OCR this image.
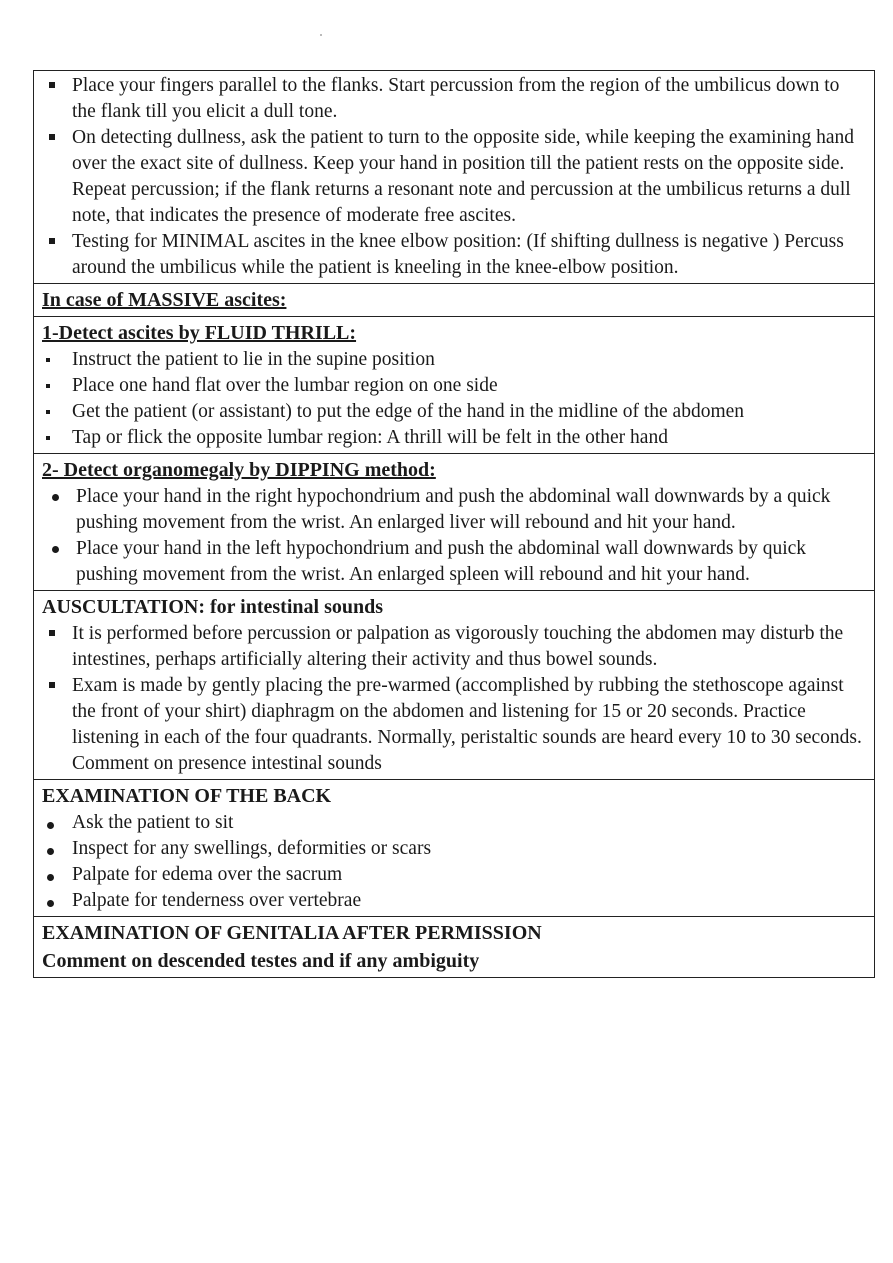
Place your fingers parallel to the flanks. Start percussion from the region of the umbilicus down to the flank till you elicit a dull tone.
On detecting dullness, ask the patient to turn to the opposite side, while keeping the examining hand over the exact site of dullness. Keep your hand in position till the patient rests on the opposite side. Repeat percussion; if the flank returns a resonant note and percussion at the umbilicus returns a dull note, that indicates the presence of moderate free ascites.
Testing for MINIMAL ascites in the knee elbow position: (If shifting dullness is negative ) Percuss around the umbilicus while the patient is kneeling in the knee-elbow position.
In case of MASSIVE ascites:
1-Detect ascites by FLUID THRILL:
Instruct the patient to lie in the supine position
Place one hand flat over the lumbar region on one side
Get the patient (or assistant) to put the edge of the hand in the midline of the abdomen
Tap or flick the opposite lumbar region: A thrill will be felt in the other hand
2- Detect organomegaly by DIPPING method:
Place your hand in the right hypochondrium and push the abdominal wall downwards by a quick pushing movement from the wrist. An enlarged liver will rebound and hit your hand.
Place your hand in the left hypochondrium and push the abdominal wall downwards by quick pushing movement from the wrist. An enlarged spleen will rebound and hit your hand.
AUSCULTATION: for intestinal sounds
It is performed before percussion or palpation as vigorously touching the abdomen may disturb the intestines, perhaps artificially altering their activity and thus bowel sounds.
Exam is made by gently placing the pre-warmed (accomplished by rubbing the stethoscope against the front of your shirt) diaphragm on the abdomen and listening for 15 or 20 seconds. Practice listening in each of the four quadrants. Normally, peristaltic sounds are heard every 10 to 30 seconds. Comment on presence intestinal sounds
EXAMINATION OF THE BACK
Ask the patient to sit
Inspect for any swellings, deformities or scars
Palpate for edema over the sacrum
Palpate for tenderness over vertebrae
EXAMINATION OF GENITALIA AFTER PERMISSION
Comment on descended testes and if any ambiguity
